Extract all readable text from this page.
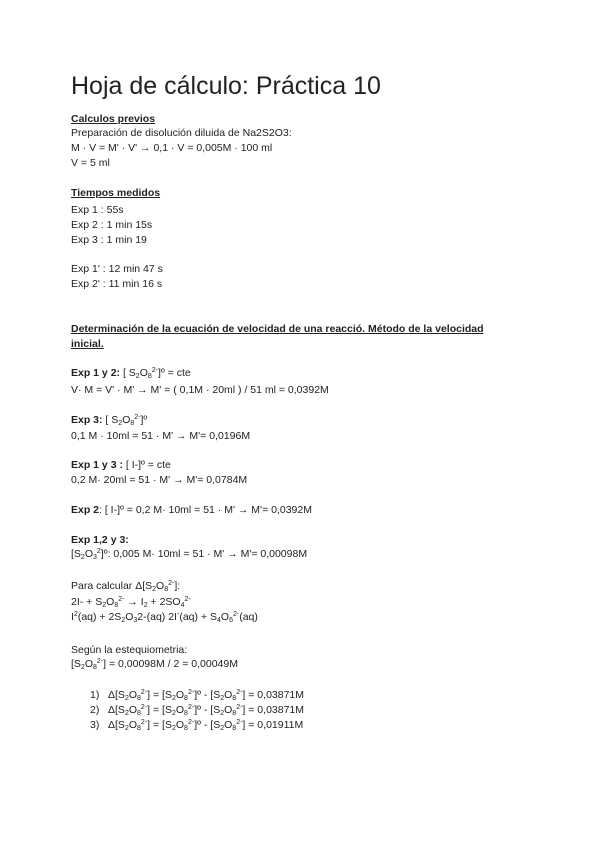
Hoja de cálculo: Práctica 10
Calculos previos
Preparación de disolución diluida de Na2S2O3:
M · V = M' · V' → 0,1 · V = 0,005M · 100 ml
V = 5 ml
Tiempos medidos
Exp 1 : 55s
Exp 2 : 1 min 15s
Exp 3 : 1 min 19
Exp 1' : 12 min 47 s
Exp 2' : 11 min 16 s
Determinación de la ecuación de velocidad de una reacció. Método de la velocidad
inicial.
Exp 1 y 2: [ $S_2O_8^{2-}]º$ = cte
V· M = V' · M' → M' = ( 0,1M · 20ml ) / 51 ml = 0,0392M
Exp 3: [ $S_2O_8^{2-}]º$
0,1 M · 10ml = 51 · M' → M'= 0,0196M
Exp 1 y 3 : [ I-]º = cte
0,2 M· 20ml = 51 · M' → M'= 0,0784M
Exp 2: [ I-]º = 0,2 M· 10ml = 51 · M' → M'= 0,0392M
Exp 1,2 y 3:
$[S_2O_3^2]º$: 0,005 M· 10ml = 51 · M' → M'= 0,00098M
Para calcular $\Delta[S_2O_8^{2-}]$:
$2I- + S_2O_8^{2-} \to I_2 + 2SO_4^{2-}$
$I^2(aq) + 2S_2O_32-(aq) 2I^-(aq) + S_4O_6^{2-}(aq)$
Según la estequiometria:
$[S_2O_8^{2-}] = 0,00098M / 2 = 0,00049M$
1) $\Delta[S_2O_8^{2-}]$ = $[S_2O_8^{2-}]º - [S_2O_8^{2-}] = 0,03871M$
2) $\Delta[S_2O_8^{2-}]$ = $[S_2O_8^{2-}]º - [S_2O_8^{2-}] = 0,03871M$
3) $\Delta[S_2O_8^{2-}]$ = $[S_2O_8^{2-}]º - [S_2O_8^{2-}] = 0,01911M$
